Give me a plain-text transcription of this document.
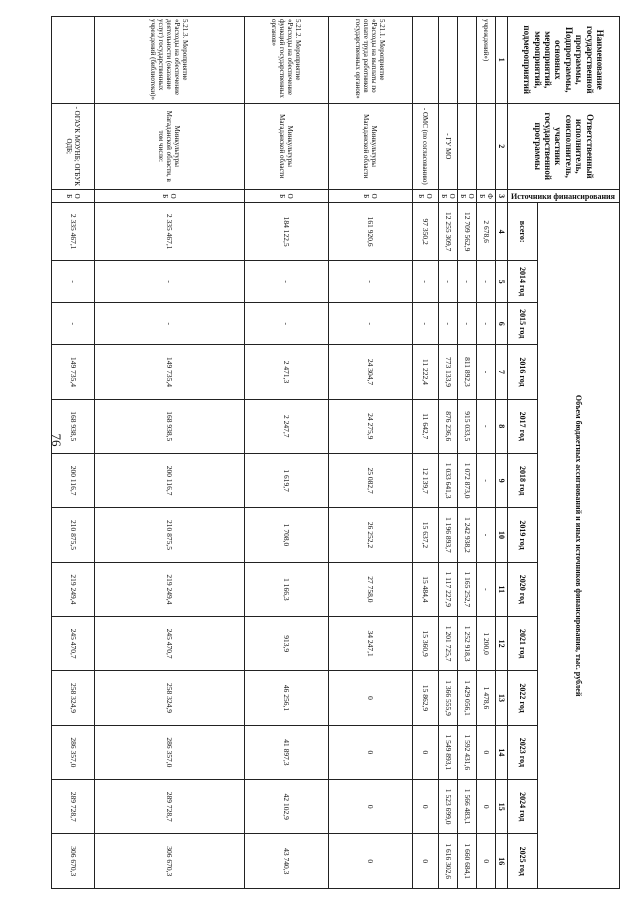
76
Наименование государственной программы, Подпрограммы, основных мероприятий, мероприятий, подмероприятий	Ответственный исполнитель, соисполнитель, участник государственной программы	Источники финансирования	Объем бюджетных ассигнований и иных источников финансирования, тыс. рублей												
			всего:	2014 год	2015 год	2016 год	2017 год	2018 год	2019 год	2020 год	2021 год	2022 год	2023 год	2024 год	2025 год
1	2	3	4	5	6	7	8	9	10	11	12	13	14	15	16
учреждений»)		ФБ	2 678,6	-	-	-	-	-	-	-	1 200,0	1 478,6	0	0	0
		ОБ	12 709 562,9	-	-	811 892,3	915 033,5	1 072 873,0	1 242 938,2	1 165 252,7	1 252 918,3	1 429 056,1	1 592 431,6	1 566 483,1	1 660 684,1
	- ГУ МО	ОБ	12 255 309,7	-	-	773 133,9	876 236,6	1 033 641,3	1 196 893,7	1 117 227,9	1 201 725,7	1 366 555,9	1 549 893,1	1 523 699,0	1 616 302,6
	- ОМС (по согласованию)	ОБ	97 350,2	-	-	11 222,4	11 642,7	12 139,7	15 637,2	15 484,4	15 360,9	15 862,9	0	0	0
5.21.1. Мероприятие «Расходы на выплаты по оплате труда работников государственных органов»	Минкультуры Магаданской области	ОБ	161 920,6	-	-	24 304,7	24 275,9	25 082,7	26 252,2	27 758,0	34 247,1	0	0	0	0
5.21.2. Мероприятие «Расходы на обеспечение функций государственных органов»	Минкультуры Магаданской области	ОБ	184 122,5	-	-	2 471,3	2 247,7	1 619,7	1 708,0	1 166,3	913,9	46 256,1	41 897,3	42 102,9	43 740,3
5.21.3. Мероприятие «Расходы на обеспечение деятельности (оказание услуг) государственных учреждений (библиотеки)»	Минкультуры Магаданской области, в том числе:	ОБ	2 335 467,1	-	-	149 735,4	168 938,5	200 116,7	210 875,5	219 249,4	245 470,7	258 324,9	286 357,0	289 728,7	306 670,3
	- ОГАУК МОУНБ; ОГБУК ОДБ;	ОБ	2 335 467,1	-	-	149 735,4	168 938,5	200 116,7	210 875,5	219 249,4	245 470,7	258 324,9	286 357,0	289 728,7	306 670,3
